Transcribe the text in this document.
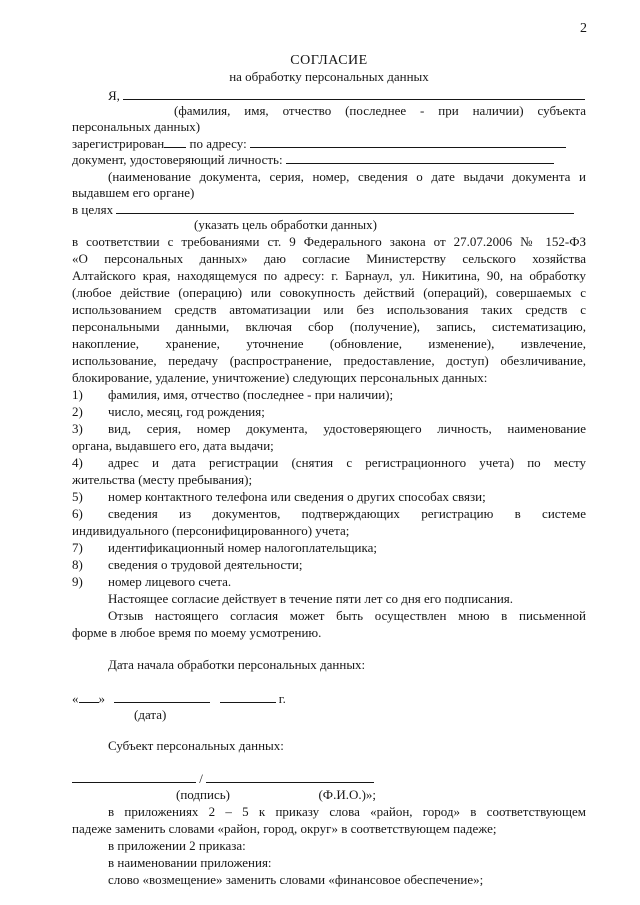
2
СОГЛАСИЕ
на обработку персональных данных
Я,
(фамилия, имя, отчество (последнее - при наличии) субъекта
персональных данных)
зарегистрирован по адресу:
документ, удостоверяющий личность:
(наименование документа, серия, номер, сведения о дате выдачи документа и
выдавшем его органе)
в целях
(указать цель обработки данных)
в соответствии с требованиями ст. 9 Федерального закона от 27.07.2006 № 152-ФЗ
«О персональных данных» даю согласие Министерству сельского хозяйства
Алтайского края, находящемуся по адресу: г. Барнаул, ул. Никитина, 90, на обработку
(любое действие (операцию) или совокупность действий (операций), совершаемых с
использованием средств автоматизации или без использования таких средств с
персональными данными, включая сбор (получение), запись, систематизацию,
накопление, хранение, уточнение (обновление, изменение), извлечение,
использование, передачу (распространение, предоставление, доступ) обезличивание,
блокирование, удаление, уничтожение) следующих персональных данных:
1)	фамилия, имя, отчество (последнее - при наличии);
2)	число, месяц, год рождения;
3)	вид, серия, номер документа, удостоверяющего личность, наименование
органа, выдавшего его, дата выдачи;
4)	адрес и дата регистрации (снятия с регистрационного учета) по месту
жительства (месту пребывания);
5)	номер контактного телефона или сведения о других способах связи;
6)	сведения из документов, подтверждающих регистрацию в системе
индивидуального (персонифицированного) учета;
7)	идентификационный номер налогоплательщика;
8)	сведения о трудовой деятельности;
9)	номер лицевого счета.
Настоящее согласие действует в течение пяти лет со дня его подписания.
Отзыв настоящего согласия может быть осуществлен мною в письменной
форме в любое время по моему усмотрению.
Дата начала обработки персональных данных:
« »	г.
(дата)
Субъект персональных данных:
/
(подпись)	(Ф.И.О.)»;
в приложениях 2 – 5 к приказу слова «район, город» в соответствующем
падеже заменить словами «район, город, округ» в соответствующем падеже;
в приложении 2 приказа:
в наименовании приложения:
слово «возмещение» заменить словами «финансовое обеспечение»;
